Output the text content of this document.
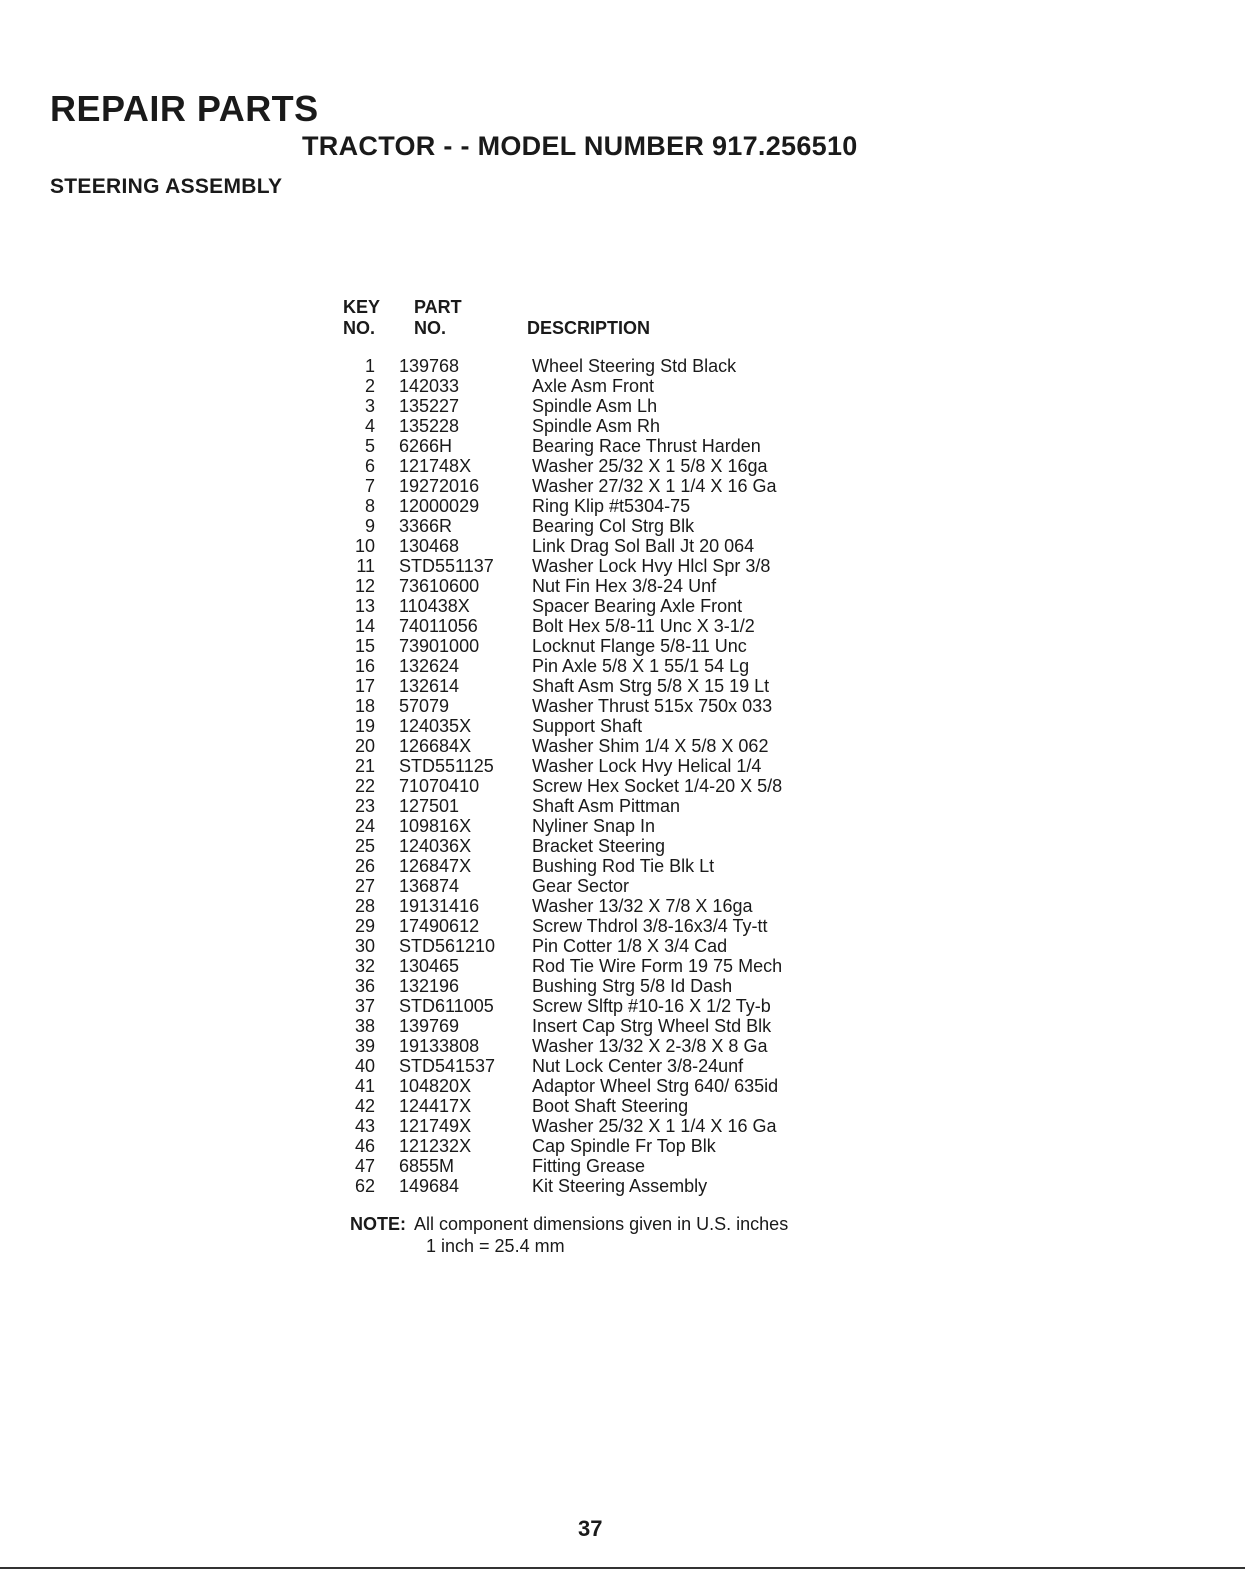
REPAIR PARTS
TRACTOR - - MODEL NUMBER 917.256510
STEERING ASSEMBLY
KEY
NO.
PART
NO.	DESCRIPTION
1 139768	Wheel Steering Std Black
2 142033	Axle Asm Front
3 135227	Spindle Asm Lh
4 135228	Spindle Asm Rh
5 6266H	Bearing Race Thrust Harden
6 121748X	Washer 25/32 X 1 5/8 X 16ga
7 19272016	Washer 27/32 X 1 1/4 X 16 Ga
8 12000029	Ring Klip #t5304-75
9 3366R	Bearing Col Strg Blk
10 130468	Link Drag Sol Ball Jt 20 064
11 STD551137 Washer Lock Hvy Hlcl Spr 3/8
12 73610600	Nut Fin Hex 3/8-24 Unf
13 110438X	Spacer Bearing Axle Front
14 74011056	Bolt Hex 5/8-11 Unc X 3-1/2
15 73901000	Locknut Flange 5/8-11 Unc
16 132624	Pin Axle 5/8 X 1 55/1 54 Lg
17 132614	Shaft Asm Strg 5/8 X 15 19 Lt
18 57079	Washer Thrust 515x 750x 033
19 124035X	Support Shaft
20 126684X	Washer Shim 1/4 X 5/8 X 062
21 STD551125 Washer Lock Hvy Helical 1/4
22 71070410	Screw Hex Socket 1/4-20 X 5/8
23 127501	Shaft Asm Pittman
24 109816X	Nyliner Snap In
25 124036X	Bracket Steering
26 126847X	Bushing Rod Tie Blk Lt
27 136874	Gear Sector
28 19131416	Washer 13/32 X 7/8 X 16ga
29 17490612	Screw Thdrol 3/8-16x3/4 Ty-tt
30 STD561210 Pin Cotter 1/8 X 3/4 Cad
32 130465	Rod Tie Wire Form 19 75 Mech
36 132196	Bushing Strg 5/8 Id Dash
37 STD611005 Screw Slftp #10-16 X 1/2 Ty-b
38 139769	Insert Cap Strg Wheel Std Blk
39 19133808	Washer 13/32 X 2-3/8 X 8 Ga
40 STD541537 Nut Lock Center 3/8-24unf
41 104820X	Adaptor Wheel Strg 640/ 635id
42 124417X	Boot Shaft Steering
43 121749X	Washer 25/32 X 1 1/4 X 16 Ga
46 121232X	Cap Spindle Fr Top Blk
47 6855M	Fitting Grease
62 149684	Kit Steering Assembly
NOTE: All component dimensions given in U.S. inches
1 inch = 25.4 mm
37
